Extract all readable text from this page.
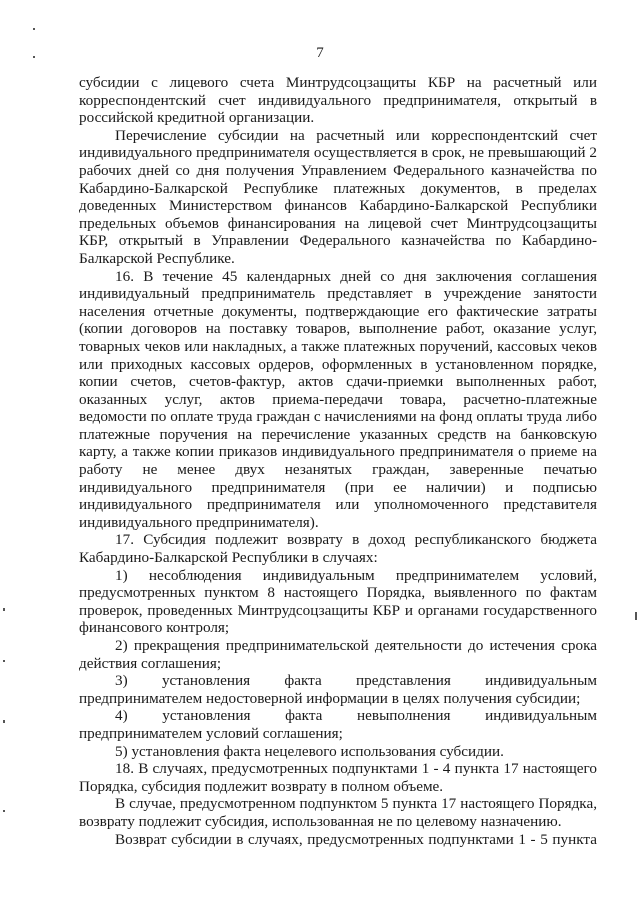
7
субсидии с лицевого счета Минтрудсоцзащиты КБР на расчетный или
корреспондентский счет индивидуального предпринимателя, открытый в
российской кредитной организации.
Перечисление субсидии на расчетный или корреспондентский счет
индивидуального предпринимателя осуществляется в срок, не превышающий 2
рабочих дней со дня получения Управлением Федерального казначейства по
Кабардино-Балкарской Республике платежных документов, в пределах
доведенных Министерством финансов Кабардино-Балкарской Республики
предельных объемов финансирования на лицевой счет Минтрудсоцзащиты
КБР, открытый в Управлении Федерального казначейства по Кабардино-
Балкарской Республике.
16. В течение 45 календарных дней со дня заключения соглашения
индивидуальный предприниматель представляет в учреждение занятости
населения отчетные документы, подтверждающие его фактические затраты
(копии договоров на поставку товаров, выполнение работ, оказание услуг,
товарных чеков или накладных, а также платежных поручений, кассовых чеков
или приходных кассовых ордеров, оформленных в установленном порядке,
копии счетов, счетов-фактур, актов сдачи-приемки выполненных работ,
оказанных услуг, актов приема-передачи товара, расчетно-платежные
ведомости по оплате труда граждан с начислениями на фонд оплаты труда либо
платежные поручения на перечисление указанных средств на банковскую
карту, а также копии приказов индивидуального предпринимателя о приеме на
работу не менее двух незанятых граждан, заверенные печатью
индивидуального предпринимателя (при ее наличии) и подписью
индивидуального предпринимателя или уполномоченного представителя
индивидуального предпринимателя).
17. Субсидия подлежит возврату в доход республиканского бюджета
Кабардино-Балкарской Республики в случаях:
1) несоблюдения индивидуальным предпринимателем условий,
предусмотренных пунктом 8 настоящего Порядка, выявленного по фактам
проверок, проведенных Минтрудсоцзащиты КБР и органами государственного
финансового контроля;
2) прекращения предпринимательской деятельности до истечения срока
действия соглашения;
3) установления факта представления индивидуальным
предпринимателем недостоверной информации в целях получения субсидии;
4) установления факта невыполнения индивидуальным
предпринимателем условий соглашения;
5) установления факта нецелевого использования субсидии.
18. В случаях, предусмотренных подпунктами 1 - 4 пункта 17 настоящего
Порядка, субсидия подлежит возврату в полном объеме.
В случае, предусмотренном подпунктом 5 пункта 17 настоящего Порядка,
возврату подлежит субсидия, использованная не по целевому назначению.
Возврат субсидии в случаях, предусмотренных подпунктами 1 - 5 пункта
